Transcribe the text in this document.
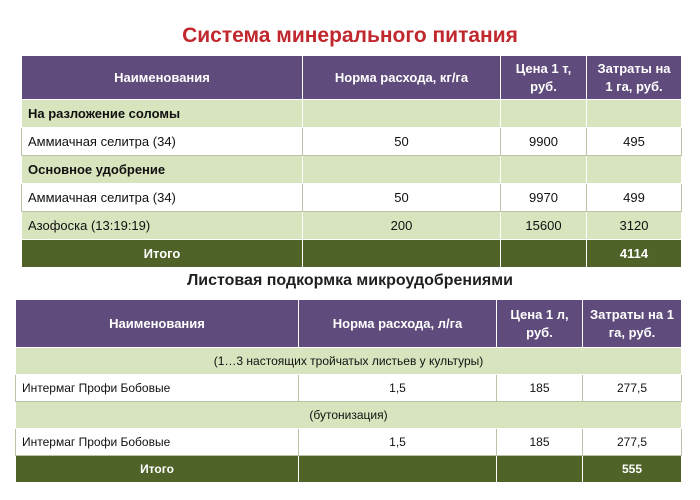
Система минерального питания
Наименования	Норма расхода, кг/га	Цена 1 т, руб.	Затраты на 1 га, руб.
На разложение соломы			
Аммиачная селитра (34)	50	9900	495
Основное удобрение			
Аммиачная селитра (34)	50	9970	499
Азофоска (13:19:19)	200	15600	3120
Итого			4114
Листовая подкормка микроудобрениями
Наименования	Норма расхода, л/га	Цена 1 л, руб.	Затраты на 1 га, руб.
(1…3 настоящих тройчатых листьев у культуры)			
Интермаг Профи Бобовые	1,5	185	277,5
(бутонизация)			
Интермаг Профи Бобовые	1,5	185	277,5
Итого			555
